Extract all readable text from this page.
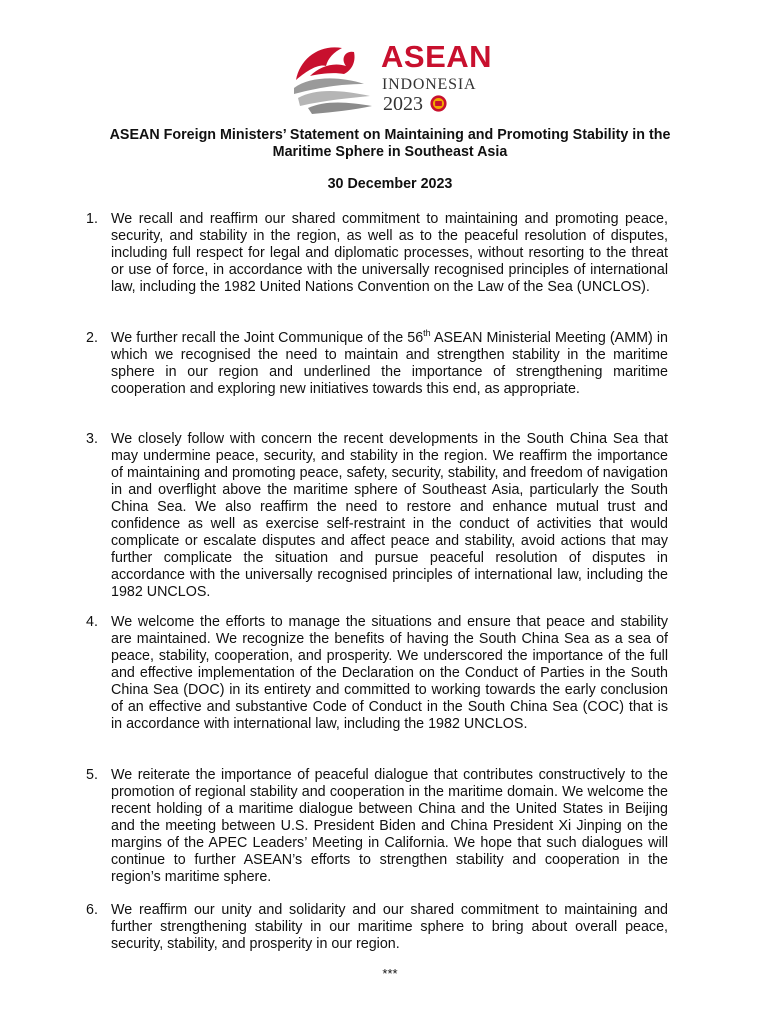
ASEAN
INDONESIA
2023

ASEAN Foreign Ministers’ Statement on Maintaining and Promoting Stability in the Maritime Sphere in Southeast Asia

30 December 2023

1. We recall and reaffirm our shared commitment to maintaining and promoting peace, security, and stability in the region, as well as to the peaceful resolution of disputes, including full respect for legal and diplomatic processes, without resorting to the threat or use of force, in accordance with the universally recognised principles of international law, including the 1982 United Nations Convention on the Law of the Sea (UNCLOS).
2. We further recall the Joint Communique of the 56th ASEAN Ministerial Meeting (AMM) in which we recognised the need to maintain and strengthen stability in the maritime sphere in our region and underlined the importance of strengthening maritime cooperation and exploring new initiatives towards this end, as appropriate.
3. We closely follow with concern the recent developments in the South China Sea that may undermine peace, security, and stability in the region. We reaffirm the importance of maintaining and promoting peace, safety, security, stability, and freedom of navigation in and overflight above the maritime sphere of Southeast Asia, particularly the South China Sea. We also reaffirm the need to restore and enhance mutual trust and confidence as well as exercise self-restraint in the conduct of activities that would complicate or escalate disputes and affect peace and stability, avoid actions that may further complicate the situation and pursue peaceful resolution of disputes in accordance with the universally recognised principles of international law, including the 1982 UNCLOS.
4. We welcome the efforts to manage the situations and ensure that peace and stability are maintained. We recognize the benefits of having the South China Sea as a sea of peace, stability, cooperation, and prosperity. We underscored the importance of the full and effective implementation of the Declaration on the Conduct of Parties in the South China Sea (DOC) in its entirety and committed to working towards the early conclusion of an effective and substantive Code of Conduct in the South China Sea (COC) that is in accordance with international law, including the 1982 UNCLOS.
5. We reiterate the importance of peaceful dialogue that contributes constructively to the promotion of regional stability and cooperation in the maritime domain. We welcome the recent holding of a maritime dialogue between China and the United States in Beijing and the meeting between U.S. President Biden and China President Xi Jinping on the margins of the APEC Leaders’ Meeting in California. We hope that such dialogues will continue to further ASEAN’s efforts to strengthen stability and cooperation in the region’s maritime sphere.
6. We reaffirm our unity and solidarity and our shared commitment to maintaining and further strengthening stability in our maritime sphere to bring about overall peace, security, stability, and prosperity in our region.

***
